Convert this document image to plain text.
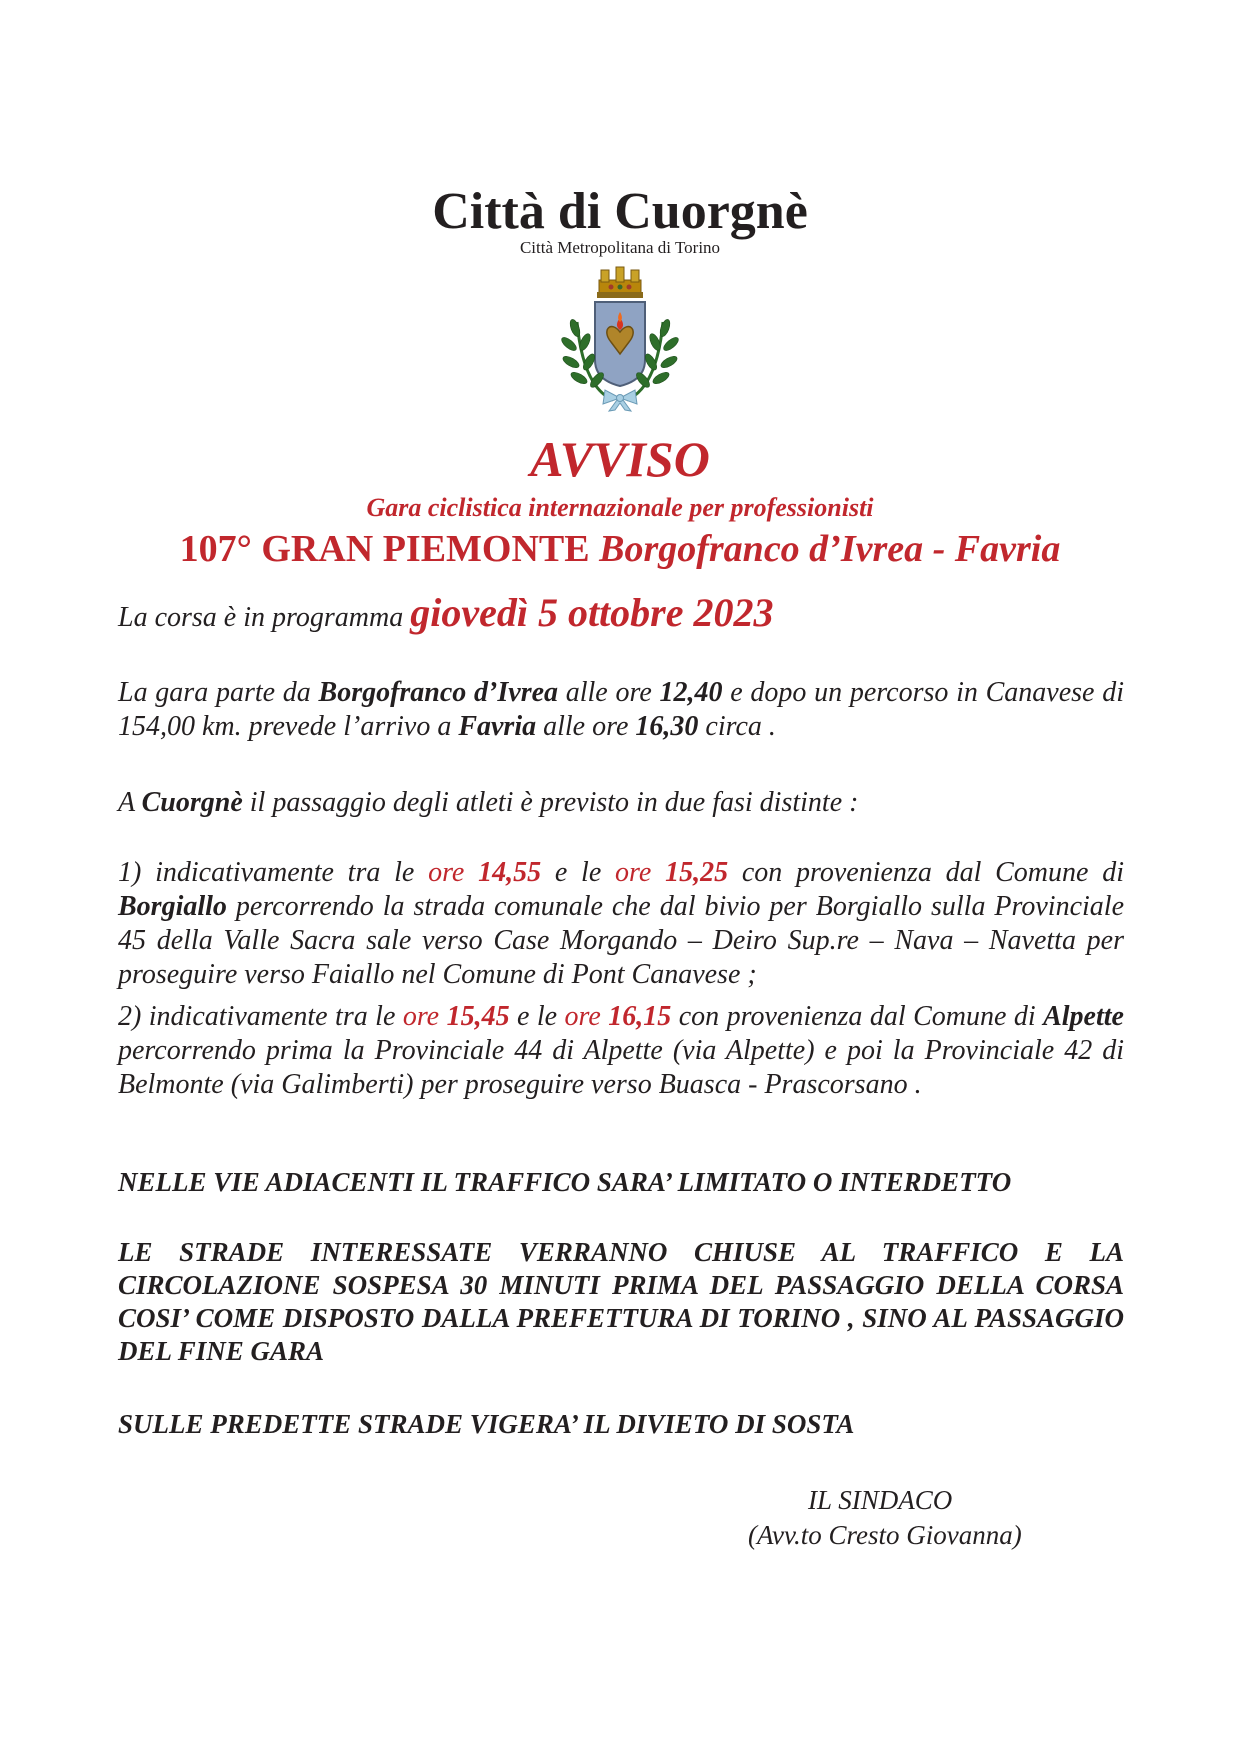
Città di Cuorgnè
Città Metropolitana di Torino
AVVISO
Gara ciclistica internazionale per professionisti
107° GRAN PIEMONTE Borgofranco d’Ivrea - Favria
La corsa è in programma giovedì 5 ottobre 2023
La gara parte da Borgofranco d’Ivrea alle ore 12,40 e dopo un percorso in Canavese di 154,00 km. prevede l’arrivo a Favria alle ore 16,30 circa .
A Cuorgnè il passaggio degli atleti è previsto in due fasi distinte :
1) indicativamente tra le ore 14,55 e le ore 15,25 con provenienza dal Comune di Borgiallo percorrendo la strada comunale che dal bivio per Borgiallo sulla Provinciale 45 della Valle Sacra sale verso Case Morgando – Deiro Sup.re – Nava – Navetta per proseguire verso Faiallo nel Comune di Pont Canavese ;
2) indicativamente tra le ore 15,45 e le ore 16,15 con provenienza dal Comune di Alpette percorrendo prima la Provinciale 44 di Alpette (via Alpette) e poi la Provinciale 42 di Belmonte (via Galimberti) per proseguire verso Buasca - Prascorsano .
NELLE VIE ADIACENTI IL TRAFFICO SARA’ LIMITATO O INTERDETTO
LE STRADE INTERESSATE VERRANNO CHIUSE AL TRAFFICO E LA CIRCOLAZIONE SOSPESA 30 MINUTI PRIMA DEL PASSAGGIO DELLA CORSA COSI’ COME DISPOSTO DALLA PREFETTURA DI TORINO , SINO AL PASSAGGIO DEL FINE GARA
SULLE PREDETTE STRADE VIGERA’ IL DIVIETO DI SOSTA
IL SINDACO
(Avv.to Cresto Giovanna)
